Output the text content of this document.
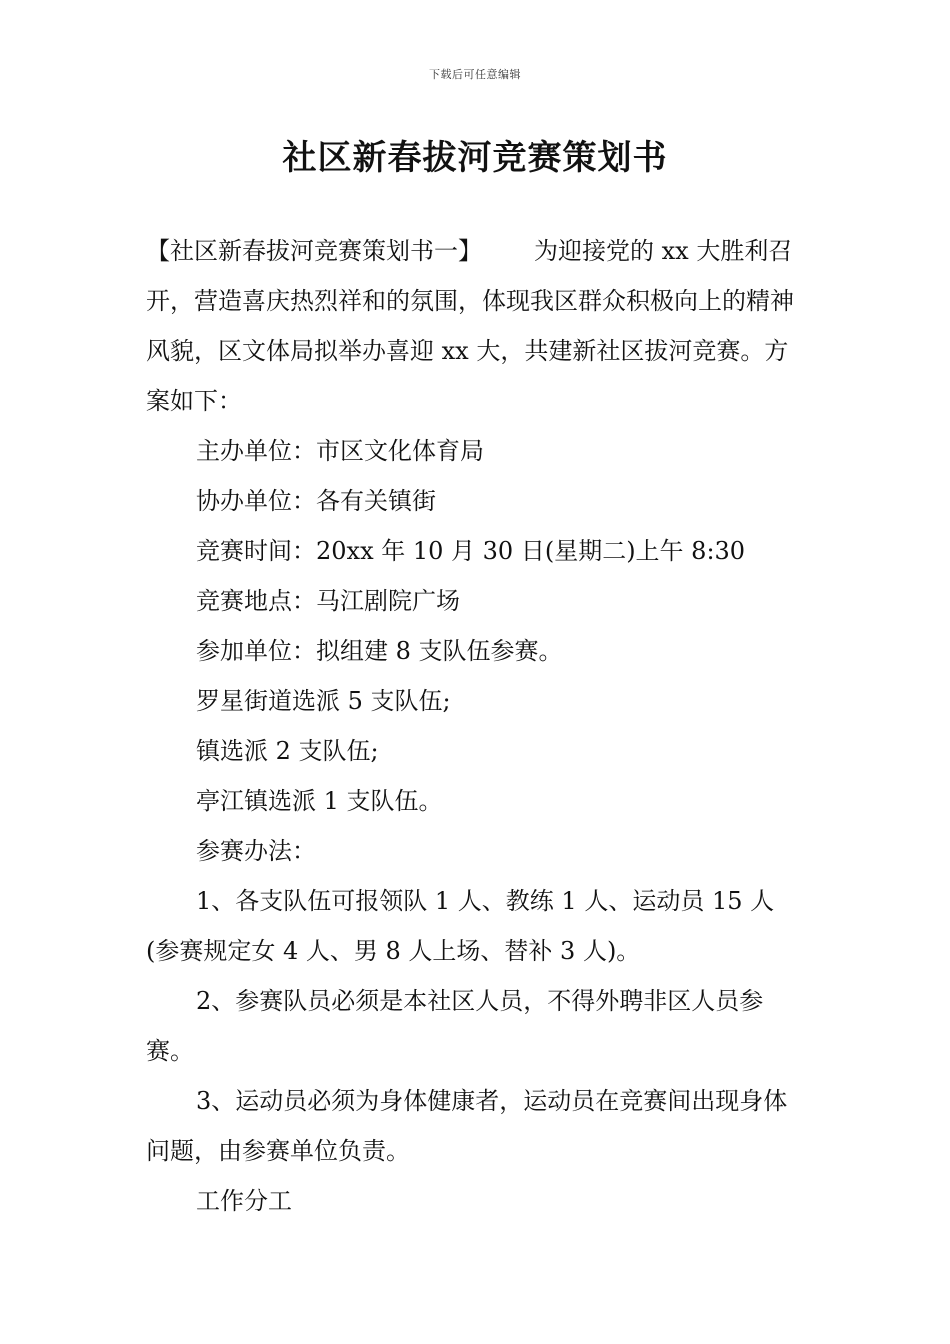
下载后可任意编辑
社区新春拔河竞赛策划书

【社区新春拔河竞赛策划书一】 为迎接党的 xx 大胜利召开，营造喜庆热烈祥和的氛围，体现我区群众积极向上的精神风貌，区文体局拟举办喜迎 xx 大，共建新社区拔河竞赛。方案如下：

主办单位：市区文化体育局

协办单位：各有关镇街

竞赛时间：20xx 年 10 月 30 日(星期二)上午 8:30

竞赛地点：马江剧院广场

参加单位：拟组建 8 支队伍参赛。

罗星街道选派 5 支队伍;

镇选派 2 支队伍;

亭江镇选派 1 支队伍。

参赛办法：

1、各支队伍可报领队 1 人、教练 1 人、运动员 15 人(参赛规定女 4 人、男 8 人上场、替补 3 人)。

2、参赛队员必须是本社区人员，不得外聘非区人员参赛。

3、运动员必须为身体健康者，运动员在竞赛间出现身体问题，由参赛单位负责。

工作分工
